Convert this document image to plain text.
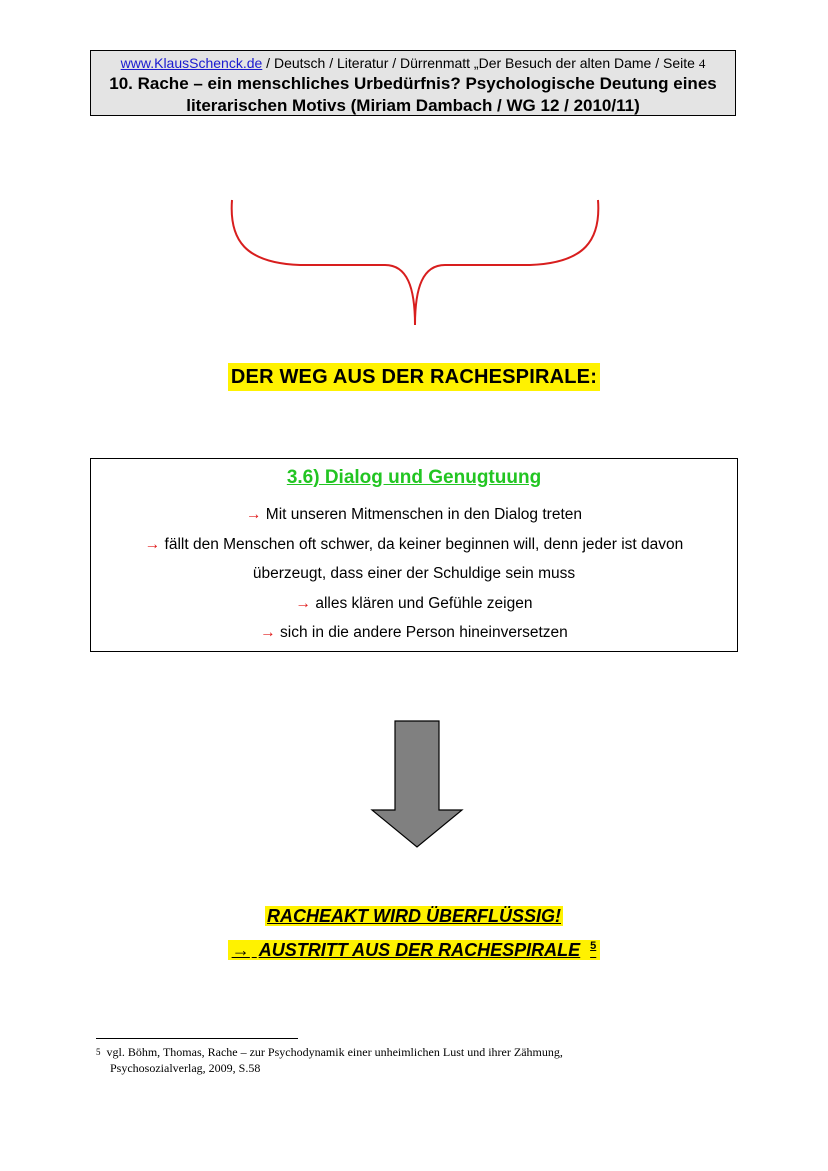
www.KlausSchenck.de / Deutsch / Literatur / Dürrenmatt „Der Besuch der alten Dame / Seite 4
10. Rache – ein menschliches Urbedürfnis? Psychologische Deutung eines
literarischen Motivs (Miriam Dambach / WG 12 / 2010/11)
DER WEG AUS DER RACHESPIRALE:
3.6) Dialog und Genugtuung
→ Mit unseren Mitmenschen in den Dialog treten
→ fällt den Menschen oft schwer, da keiner beginnen will, denn jeder ist davon
überzeugt, dass einer der Schuldige sein muss
→ alles klären und Gefühle zeigen
→ sich in die andere Person hineinversetzen
RACHEAKT WIRD ÜBERFLÜSSIG!
→ AUSTRITT AUS DER RACHESPIRALE $^5$
$^5$ vgl. Böhm, Thomas, Rache – zur Psychodynamik einer unheimlichen Lust und ihrer Zähmung,
Psychosozialverlag, 2009, S.58
